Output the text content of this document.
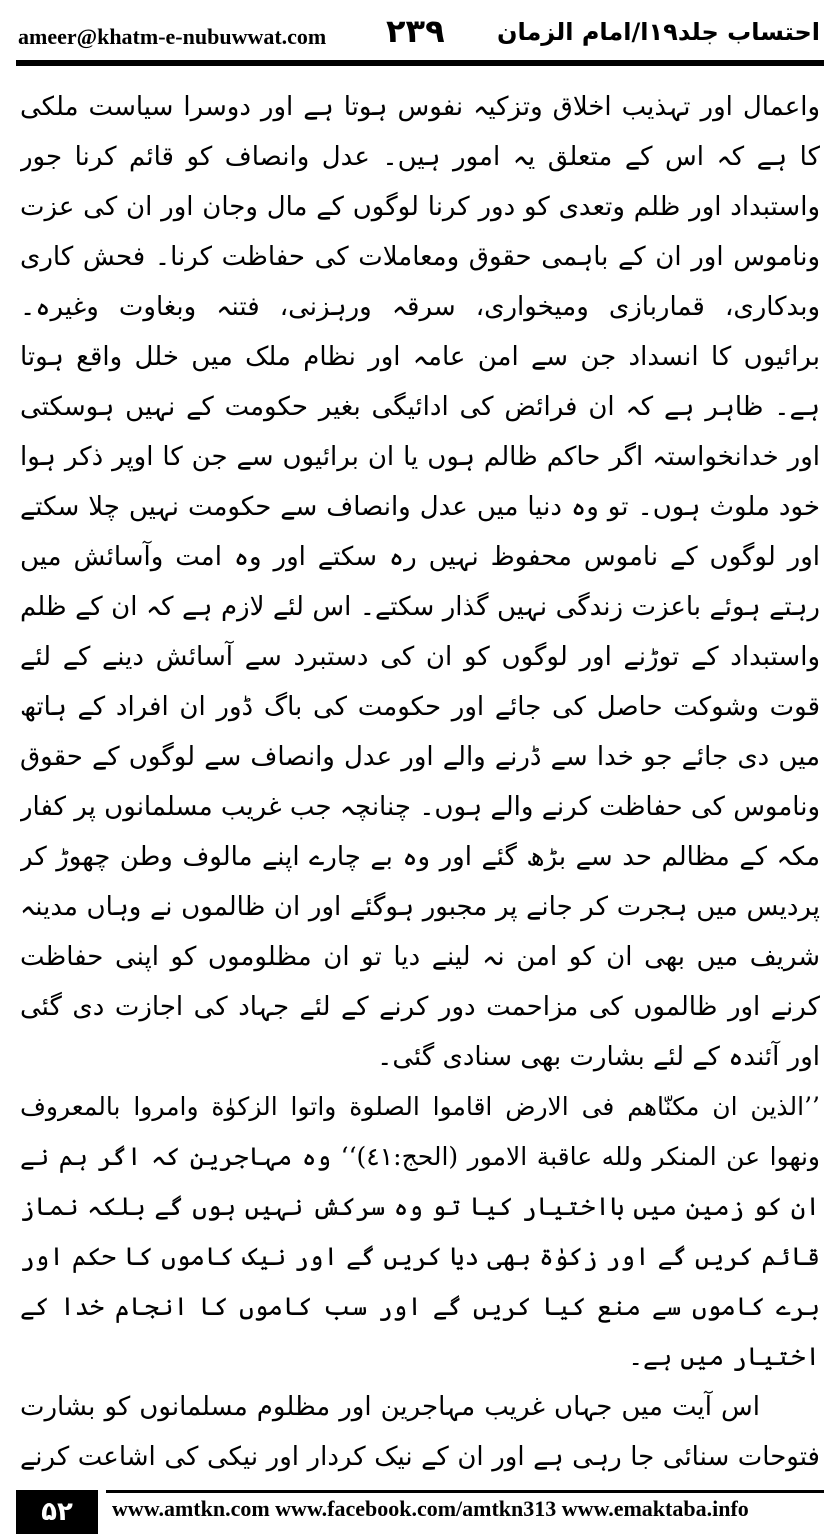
ameer@khatm-e-nubuwwat.com ۲۳۹ احتساب جلد۱۹ا/امام الزمان

واعمال اور تہذیب اخلاق وتزکیہ نفوس ہوتا ہے اور دوسرا سیاست ملکی کا ہے کہ اس کے متعلق یہ امور ہیں۔ عدل وانصاف کو قائم کرنا جور واستبداد اور ظلم وتعدی کو دور کرنا لوگوں کے مال وجان اور ان کی عزت وناموس اور ان کے باہمی حقوق ومعاملات کی حفاظت کرنا۔ فحش کاری وبدکاری، قماربازی ومیخواری، سرقہ ورہزنی، فتنہ وبغاوت وغیرہ۔ برائیوں کا انسداد جن سے امن عامہ اور نظام ملک میں خلل واقع ہوتا ہے۔ ظاہر ہے کہ ان فرائض کی ادائیگی بغیر حکومت کے نہیں ہوسکتی اور خدانخواستہ اگر حاکم ظالم ہوں یا ان برائیوں سے جن کا اوپر ذکر ہوا خود ملوث ہوں۔ تو وہ دنیا میں عدل وانصاف سے حکومت نہیں چلا سکتے اور لوگوں کے ناموس محفوظ نہیں رہ سکتے اور وہ امت وآسائش میں رہتے ہوئے باعزت زندگی نہیں گذار سکتے۔ اس لئے لازم ہے کہ ان کے ظلم واستبداد کے توڑنے اور لوگوں کو ان کی دستبرد سے آسائش دینے کے لئے قوت وشوکت حاصل کی جائے اور حکومت کی باگ ڈور ان افراد کے ہاتھ میں دی جائے جو خدا سے ڈرنے والے اور عدل وانصاف سے لوگوں کے حقوق وناموس کی حفاظت کرنے والے ہوں۔ چنانچہ جب غریب مسلمانوں پر کفار مکہ کے مظالم حد سے بڑھ گئے اور وہ بے چارے اپنے مالوف وطن چھوڑ کر پردیس میں ہجرت کر جانے پر مجبور ہوگئے اور ان ظالموں نے وہاں مدینہ شریف میں بھی ان کو امن نہ لینے دیا تو ان مظلوموں کو اپنی حفاظت کرنے اور ظالموں کی مزاحمت دور کرنے کے لئے جہاد کی اجازت دی گئی اور آئندہ کے لئے بشارت بھی سنادی گئی۔

’’الذین ان مکنّاهم فی الارض اقاموا الصلوة واتوا الزکوٰة وامروا بالمعروف ونهوا عن المنکر ولله عاقبة الامور (الحج:٤١)‘‘ وہ مہاجرین کہ اگر ہم نے ان کو زمین میں بااختیار کیا تو وہ سرکش نہیں ہوں گے بلکہ نماز قائم کریں گے اور زکوٰۃ بھی دیا کریں گے اور نیک کاموں کا حکم اور برے کاموں سے منع کیا کریں گے اور سب کاموں کا انجام خدا کے اختیار میں ہے۔

اس آیت میں جہاں غریب مہاجرین اور مظلوم مسلمانوں کو بشارت فتوحات سنائی جا رہی ہے اور ان کے نیک کردار اور نیکی کی اشاعت کرنے

۵۲	www.amtkn.com www.facebook.com/amtkn313 www.emaktaba.info
